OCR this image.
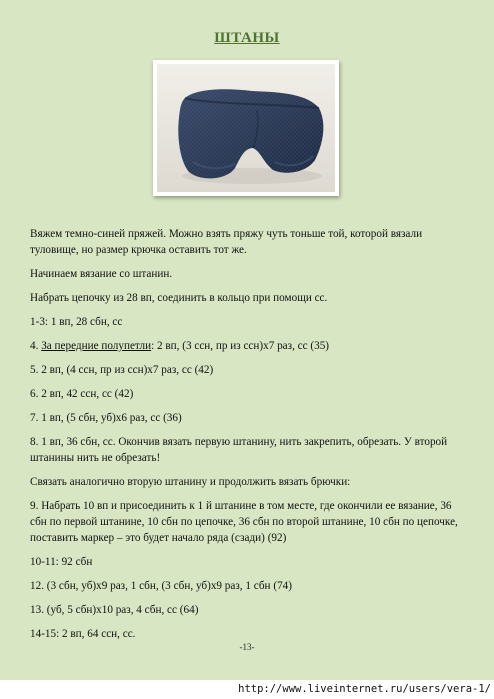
ШТАНЫ

Вяжем темно-синей пряжей. Можно взять пряжу чуть тоньше той, которой вязали туловище, но размер крючка оставить тот же.

Начинаем вязание со штанин.

Набрать цепочку из 28 вп, соединить в кольцо при помощи сс.

1-3: 1 вп, 28 сбн, сс

4. За передние полупетли: 2 вп, (3 ссн, пр из ссн)х7 раз, сс (35)

5. 2 вп, (4 ссн, пр из ссн)х7 раз, сс (42)

6. 2 вп, 42 ссн, сс (42)

7. 1 вп, (5 сбн, уб)х6 раз, сс (36)

8. 1 вп, 36 сбн, сс. Окончив вязать первую штанину, нить закрепить, обрезать. У второй штанины нить не обрезать!

Связать аналогично вторую штанину и продолжить вязать брючки:

9. Набрать 10 вп и присоединить к 1 й штанине в том месте, где окончили ее вязание, 36 сбн по первой штанине, 10 сбн по цепочке, 36 сбн по второй штанине, 10 сбн по цепочке, поставить маркер – это будет начало ряда (сзади) (92)

10-11: 92 сбн

12. (3 сбн, уб)х9 раз, 1 сбн, (3 сбн, уб)х9 раз, 1 сбн (74)

13. (уб, 5 сбн)х10 раз, 4 сбн, сс (64)

14-15: 2 вп, 64 ссн, сс.

-13-
http://www.liveinternet.ru/users/vera-1/
